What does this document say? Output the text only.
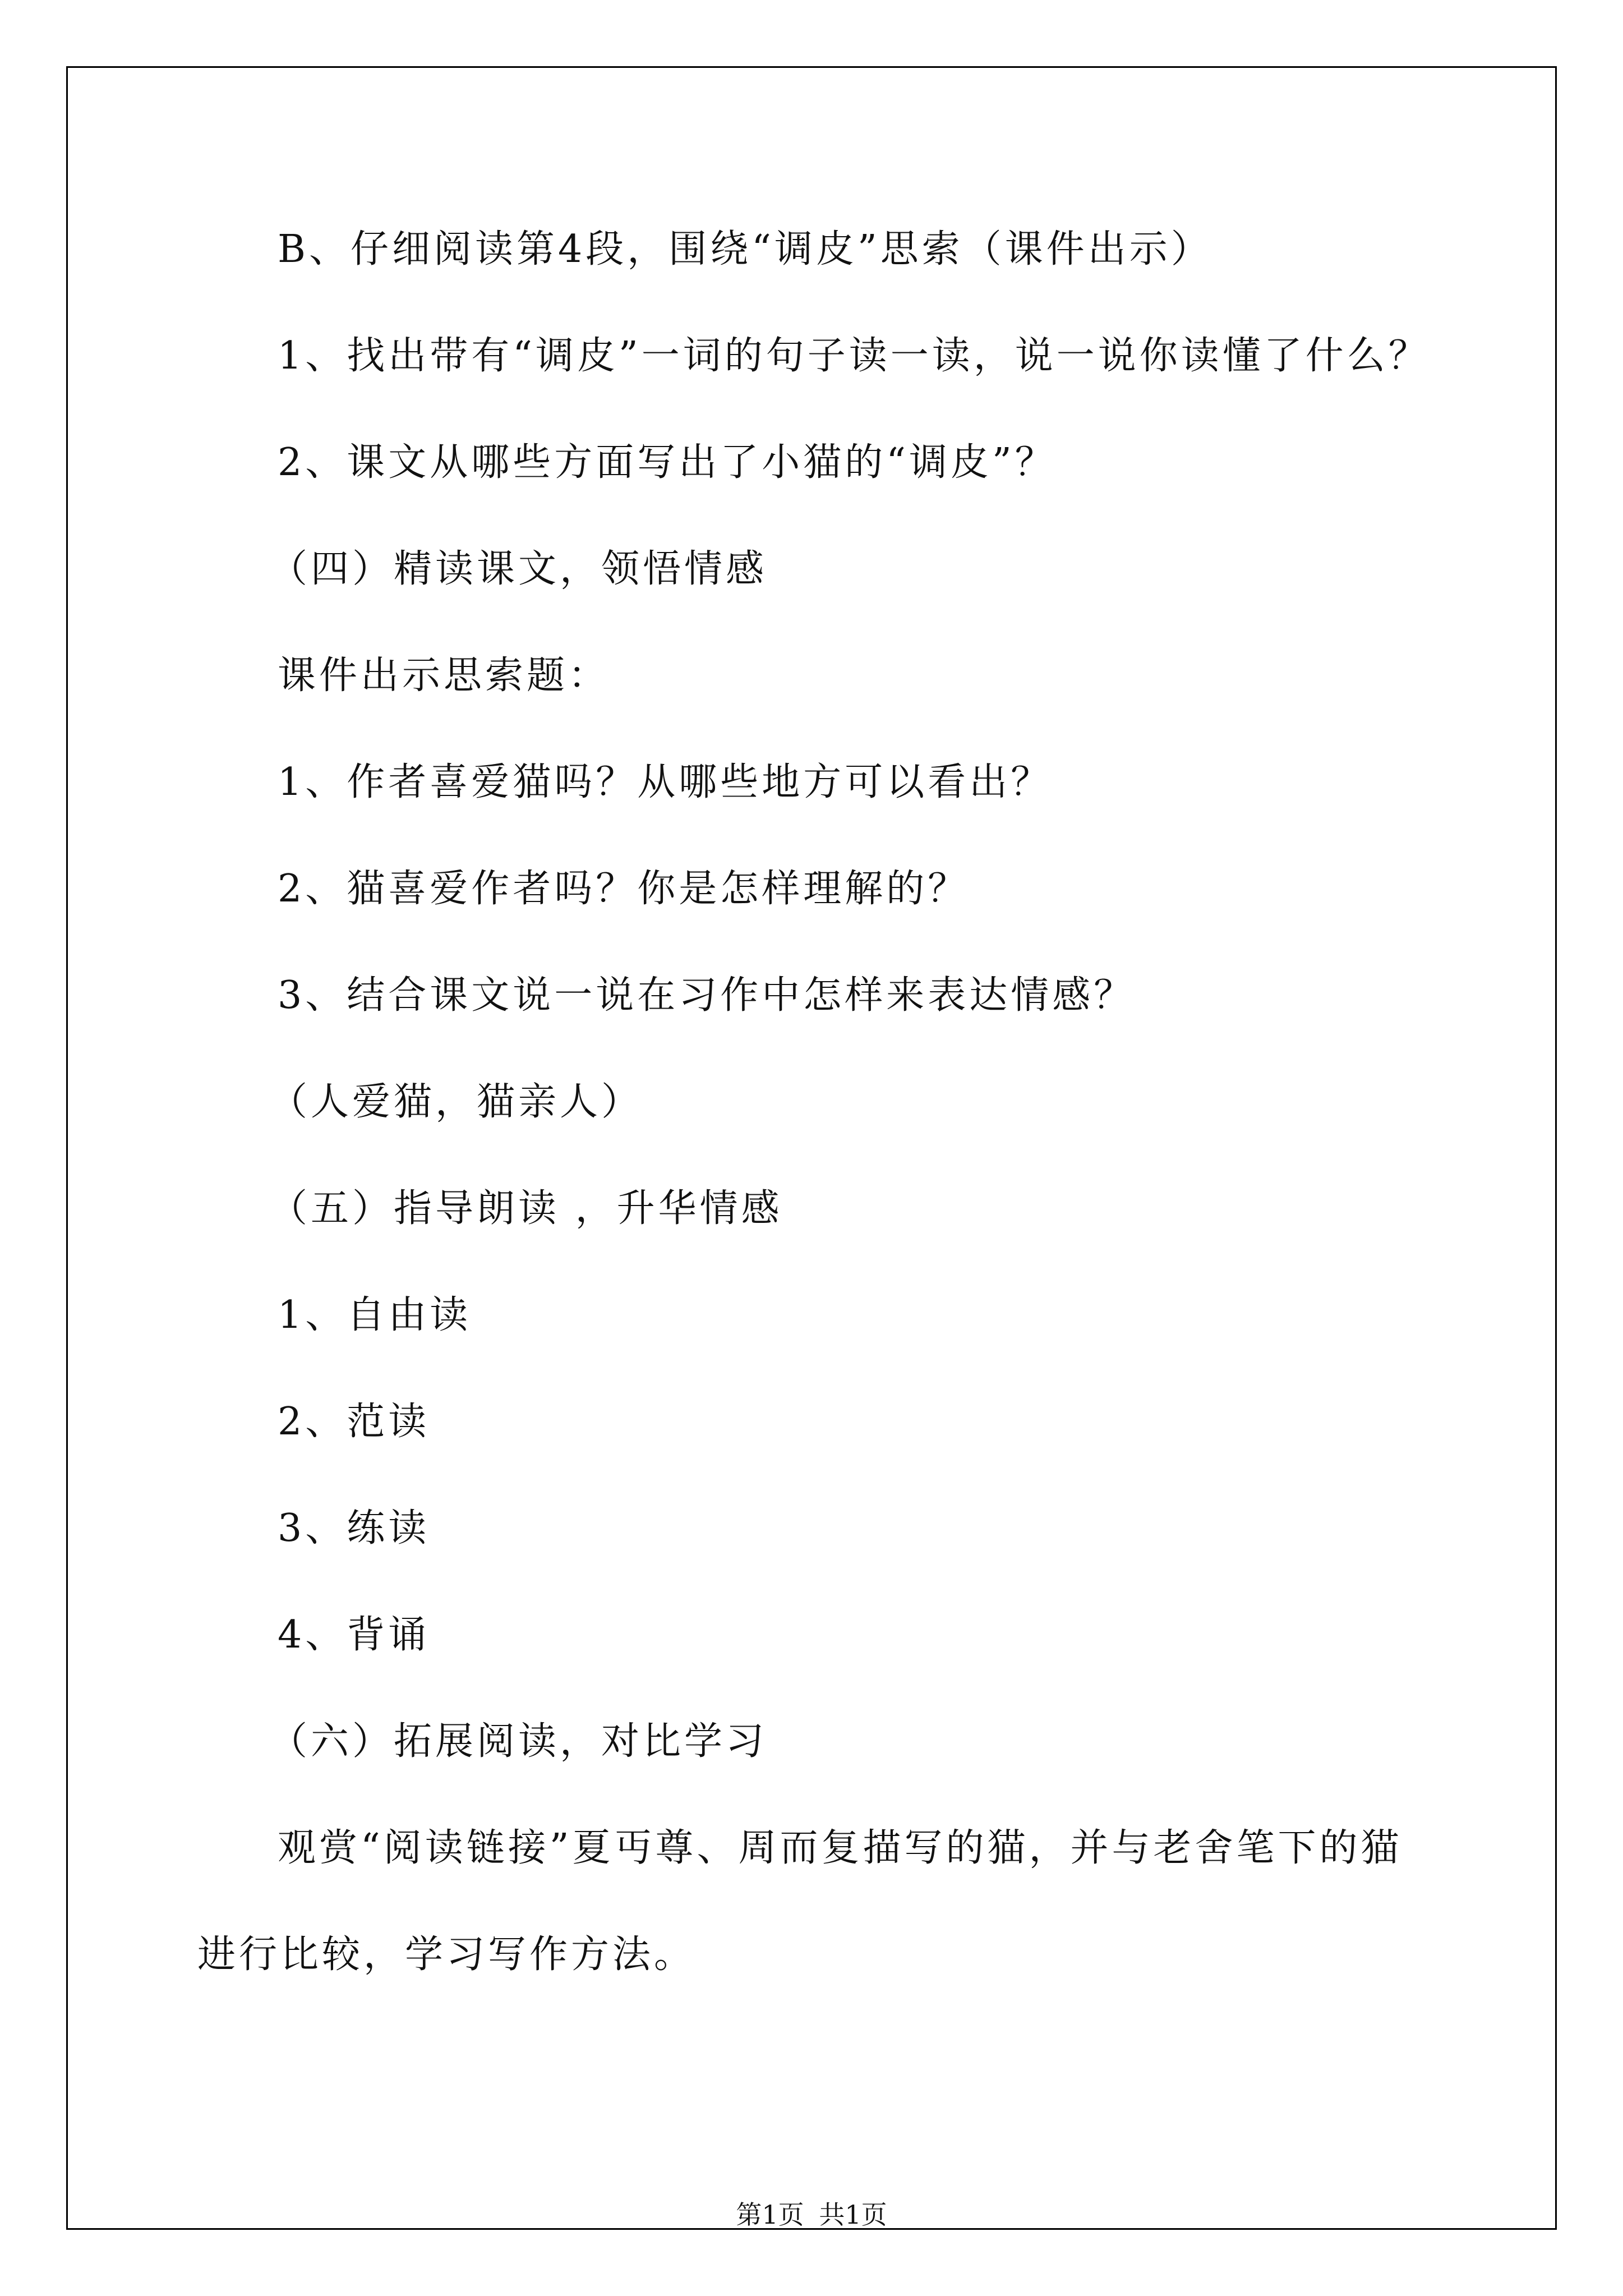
B、仔细阅读第4段，围绕“调皮”思索（课件出示）
1、找出带有“调皮”一词的句子读一读，说一说你读懂了什么？
2、课文从哪些方面写出了小猫的“调皮”？
（四）精读课文，领悟情感
课件出示思索题：
1、作者喜爱猫吗？从哪些地方可以看出？
2、猫喜爱作者吗？你是怎样理解的？
3、结合课文说一说在习作中怎样来表达情感？
（人爱猫，猫亲人）
（五）指导朗读 ，升华情感
1、自由读
2、范读
3、练读
4、背诵
（六）拓展阅读，对比学习
观赏“阅读链接”夏丏尊、周而复描写的猫，并与老舍笔下的猫
进行比较，学习写作方法。
第1页 共1页
